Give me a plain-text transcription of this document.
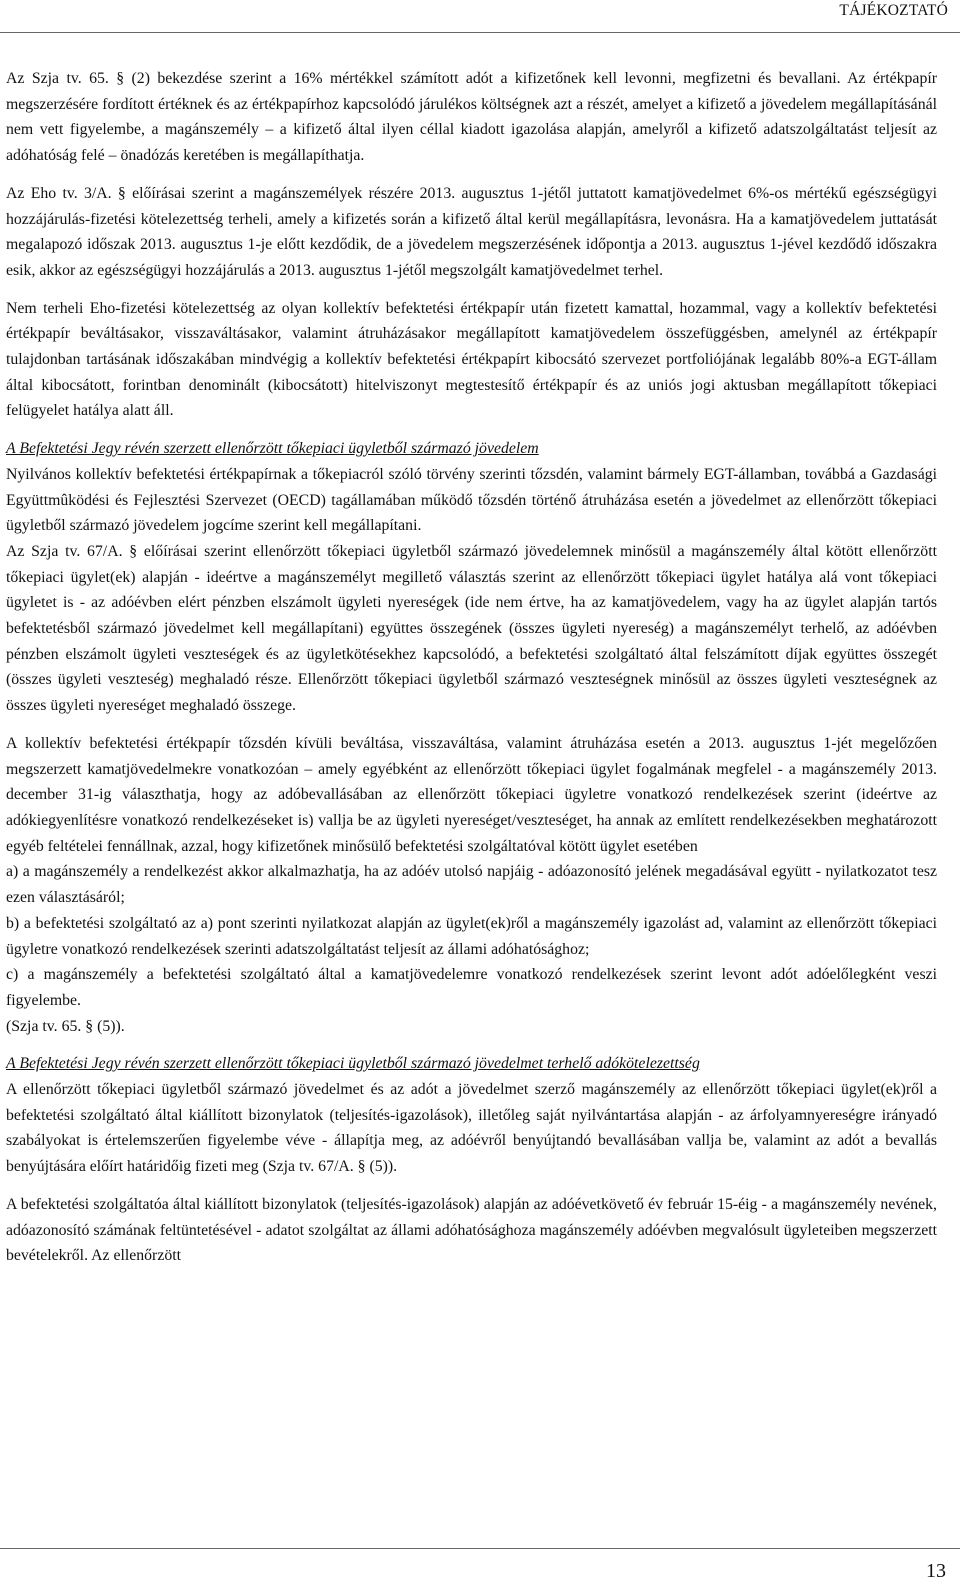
TÁJÉKOZTATÓ

Az Szja tv. 65. § (2) bekezdése szerint a 16% mértékkel számított adót a kifizetőnek kell levonni, megfizetni és bevallani. Az értékpapír megszerzésére fordított értéknek és az értékpapírhoz kapcsolódó járulékos költségnek azt a részét, amelyet a kifizető a jövedelem megállapításánál nem vett figyelembe, a magánszemély – a kifizető által ilyen céllal kiadott igazolása alapján, amelyről a kifizető adatszolgáltatást teljesít az adóhatóság felé – önadózás keretében is megállapíthatja.

Az Eho tv. 3/A. § előírásai szerint a magánszemélyek részére 2013. augusztus 1-jétől juttatott kamatjövedelmet 6%-os mértékű egészségügyi hozzájárulás-fizetési kötelezettség terheli, amely a kifizetés során a kifizető által kerül megállapításra, levonásra. Ha a kamatjövedelem juttatását megalapozó időszak 2013. augusztus 1-je előtt kezdődik, de a jövedelem megszerzésének időpontja a 2013. augusztus 1-jével kezdődő időszakra esik, akkor az egészségügyi hozzájárulás a 2013. augusztus 1-jétől megszolgált kamatjövedelmet terhel.

Nem terheli Eho-fizetési kötelezettség az olyan kollektív befektetési értékpapír után fizetett kamattal, hozammal, vagy a kollektív befektetési értékpapír beváltásakor, visszaváltásakor, valamint átruházásakor megállapított kamatjövedelem összefüggésben, amelynél az értékpapír tulajdonban tartásának időszakában mindvégig a kollektív befektetési értékpapírt kibocsátó szervezet portfoliójának legalább 80%-a EGT-állam által kibocsátott, forintban denominált (kibocsátott) hitelviszonyt megtestesítő értékpapír és az uniós jogi aktusban megállapított tőkepiaci felügyelet hatálya alatt áll.

A Befektetési Jegy révén szerzett ellenőrzött tőkepiaci ügyletből származó jövedelem

Nyilvános kollektív befektetési értékpapírnak a tőkepiacról szóló törvény szerinti tőzsdén, valamint bármely EGT-államban, továbbá a Gazdasági Együttmûködési és Fejlesztési Szervezet (OECD) tagállamában működő tőzsdén történő átruházása esetén a jövedelmet az ellenőrzött tőkepiaci ügyletből származó jövedelem jogcíme szerint kell megállapítani.

Az Szja tv. 67/A. § előírásai szerint ellenőrzött tőkepiaci ügyletből származó jövedelemnek minősül a magánszemély által kötött ellenőrzött tőkepiaci ügylet(ek) alapján - ideértve a magánszemélyt megillető választás szerint az ellenőrzött tőkepiaci ügylet hatálya alá vont tőkepiaci ügyletet is - az adóévben elért pénzben elszámolt ügyleti nyereségek (ide nem értve, ha az kamatjövedelem, vagy ha az ügylet alapján tartós befektetésből származó jövedelmet kell megállapítani) együttes összegének (összes ügyleti nyereség) a magánszemélyt terhelő, az adóévben pénzben elszámolt ügyleti veszteségek és az ügyletkötésekhez kapcsolódó, a befektetési szolgáltató által felszámított díjak együttes összegét (összes ügyleti veszteség) meghaladó része. Ellenőrzött tőkepiaci ügyletből származó veszteségnek minősül az összes ügyleti veszteségnek az összes ügyleti nyereséget meghaladó összege.

A kollektív befektetési értékpapír tőzsdén kívüli beváltása, visszaváltása, valamint átruházása esetén a 2013. augusztus 1-jét megelőzően megszerzett kamatjövedelmekre vonatkozóan – amely egyébként az ellenőrzött tőkepiaci ügylet fogalmának megfelel - a magánszemély 2013. december 31-ig választhatja, hogy az adóbevallásában az ellenőrzött tőkepiaci ügyletre vonatkozó rendelkezések szerint (ideértve az adókiegyenlítésre vonatkozó rendelkezéseket is) vallja be az ügyleti nyereséget/veszteséget, ha annak az említett rendelkezésekben meghatározott egyéb feltételei fennállnak, azzal, hogy kifizetőnek minősülő befektetési szolgáltatóval kötött ügylet esetében

a) a magánszemély a rendelkezést akkor alkalmazhatja, ha az adóév utolsó napjáig - adóazonosító jelének megadásával együtt - nyilatkozatot tesz ezen választásáról;

b) a befektetési szolgáltató az a) pont szerinti nyilatkozat alapján az ügylet(ek)ről a magánszemély igazolást ad, valamint az ellenőrzött tőkepiaci ügyletre vonatkozó rendelkezések szerinti adatszolgáltatást teljesít az állami adóhatósághoz;

c) a magánszemély a befektetési szolgáltató által a kamatjövedelemre vonatkozó rendelkezések szerint levont adót adóelőlegként veszi figyelembe.

(Szja tv. 65. § (5)).

A Befektetési Jegy révén szerzett ellenőrzött tőkepiaci ügyletből származó jövedelmet terhelő adókötelezettség

A ellenőrzött tőkepiaci ügyletből származó jövedelmet és az adót a jövedelmet szerző magánszemély az ellenőrzött tőkepiaci ügylet(ek)ről a befektetési szolgáltató által kiállított bizonylatok (teljesítés-igazolások), illetőleg saját nyilvántartása alapján - az árfolyamnyereségre irányadó szabályokat is értelemszerűen figyelembe véve - állapítja meg, az adóévről benyújtandó bevallásában vallja be, valamint az adót a bevallás benyújtására előírt határidőig fizeti meg (Szja tv. 67/A. § (5)).

A befektetési szolgáltatóa által kiállított bizonylatok (teljesítés-igazolások) alapján az adóévetkövető év február 15-éig - a magánszemély nevének, adóazonosító számának feltüntetésével - adatot szolgáltat az állami adóhatósághoza magánszemély adóévben megvalósult ügyleteiben megszerzett bevételekről. Az ellenőrzött

13
